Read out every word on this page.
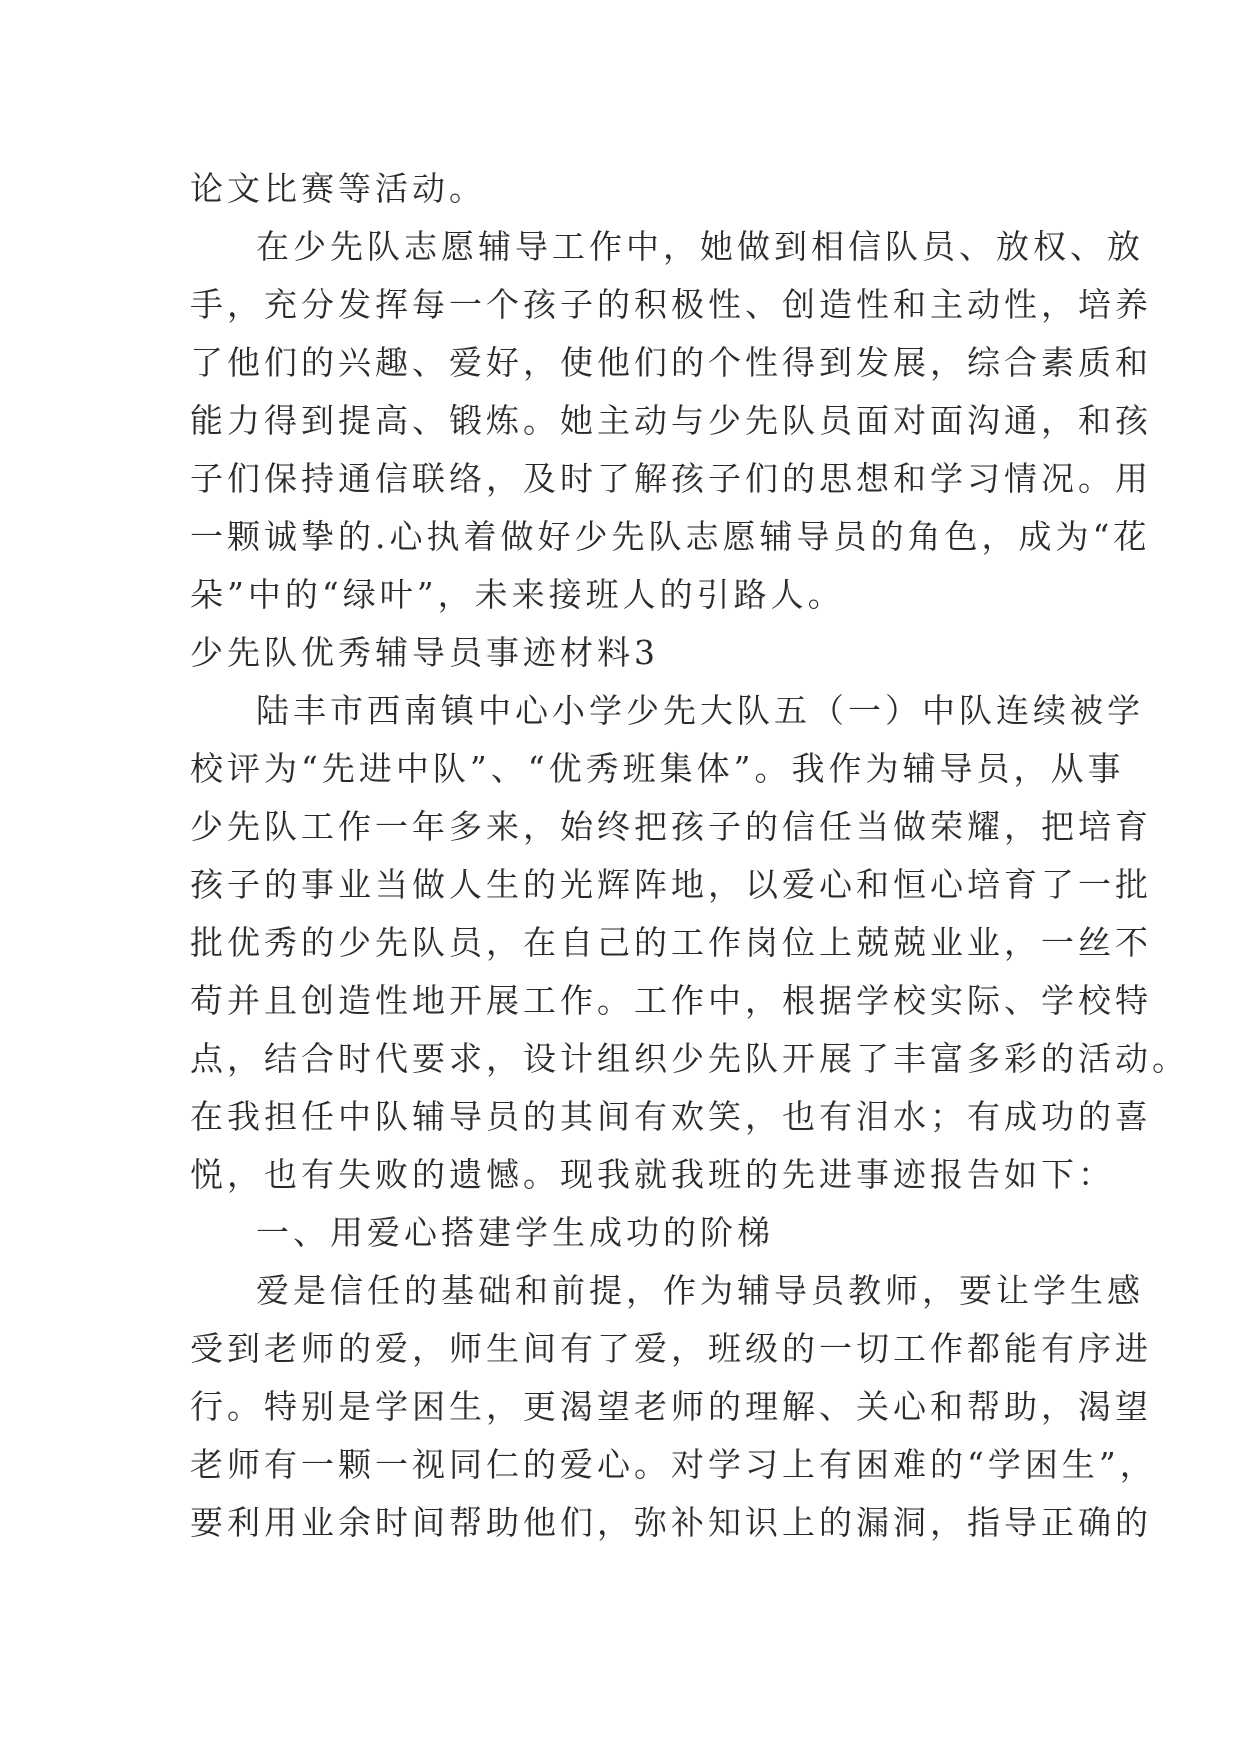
论文比赛等活动。
在少先队志愿辅导工作中，她做到相信队员、放权、放
手，充分发挥每一个孩子的积极性、创造性和主动性，培养
了他们的兴趣、爱好，使他们的个性得到发展，综合素质和
能力得到提高、锻炼。她主动与少先队员面对面沟通，和孩
子们保持通信联络，及时了解孩子们的思想和学习情况。用
一颗诚挚的.心执着做好少先队志愿辅导员的角色，成为“花
朵”中的“绿叶”，未来接班人的引路人。
少先队优秀辅导员事迹材料3
陆丰市西南镇中心小学少先大队五（一）中队连续被学
校评为“先进中队”、“优秀班集体”。我作为辅导员，从事
少先队工作一年多来，始终把孩子的信任当做荣耀，把培育
孩子的事业当做人生的光辉阵地，以爱心和恒心培育了一批
批优秀的少先队员，在自己的工作岗位上兢兢业业，一丝不
苟并且创造性地开展工作。工作中，根据学校实际、学校特
点，结合时代要求，设计组织少先队开展了丰富多彩的活动。
在我担任中队辅导员的其间有欢笑，也有泪水；有成功的喜
悦，也有失败的遗憾。现我就我班的先进事迹报告如下：
一、用爱心搭建学生成功的阶梯
爱是信任的基础和前提，作为辅导员教师，要让学生感
受到老师的爱，师生间有了爱，班级的一切工作都能有序进
行。特别是学困生，更渴望老师的理解、关心和帮助，渴望
老师有一颗一视同仁的爱心。对学习上有困难的“学困生”，
要利用业余时间帮助他们，弥补知识上的漏洞，指导正确的
